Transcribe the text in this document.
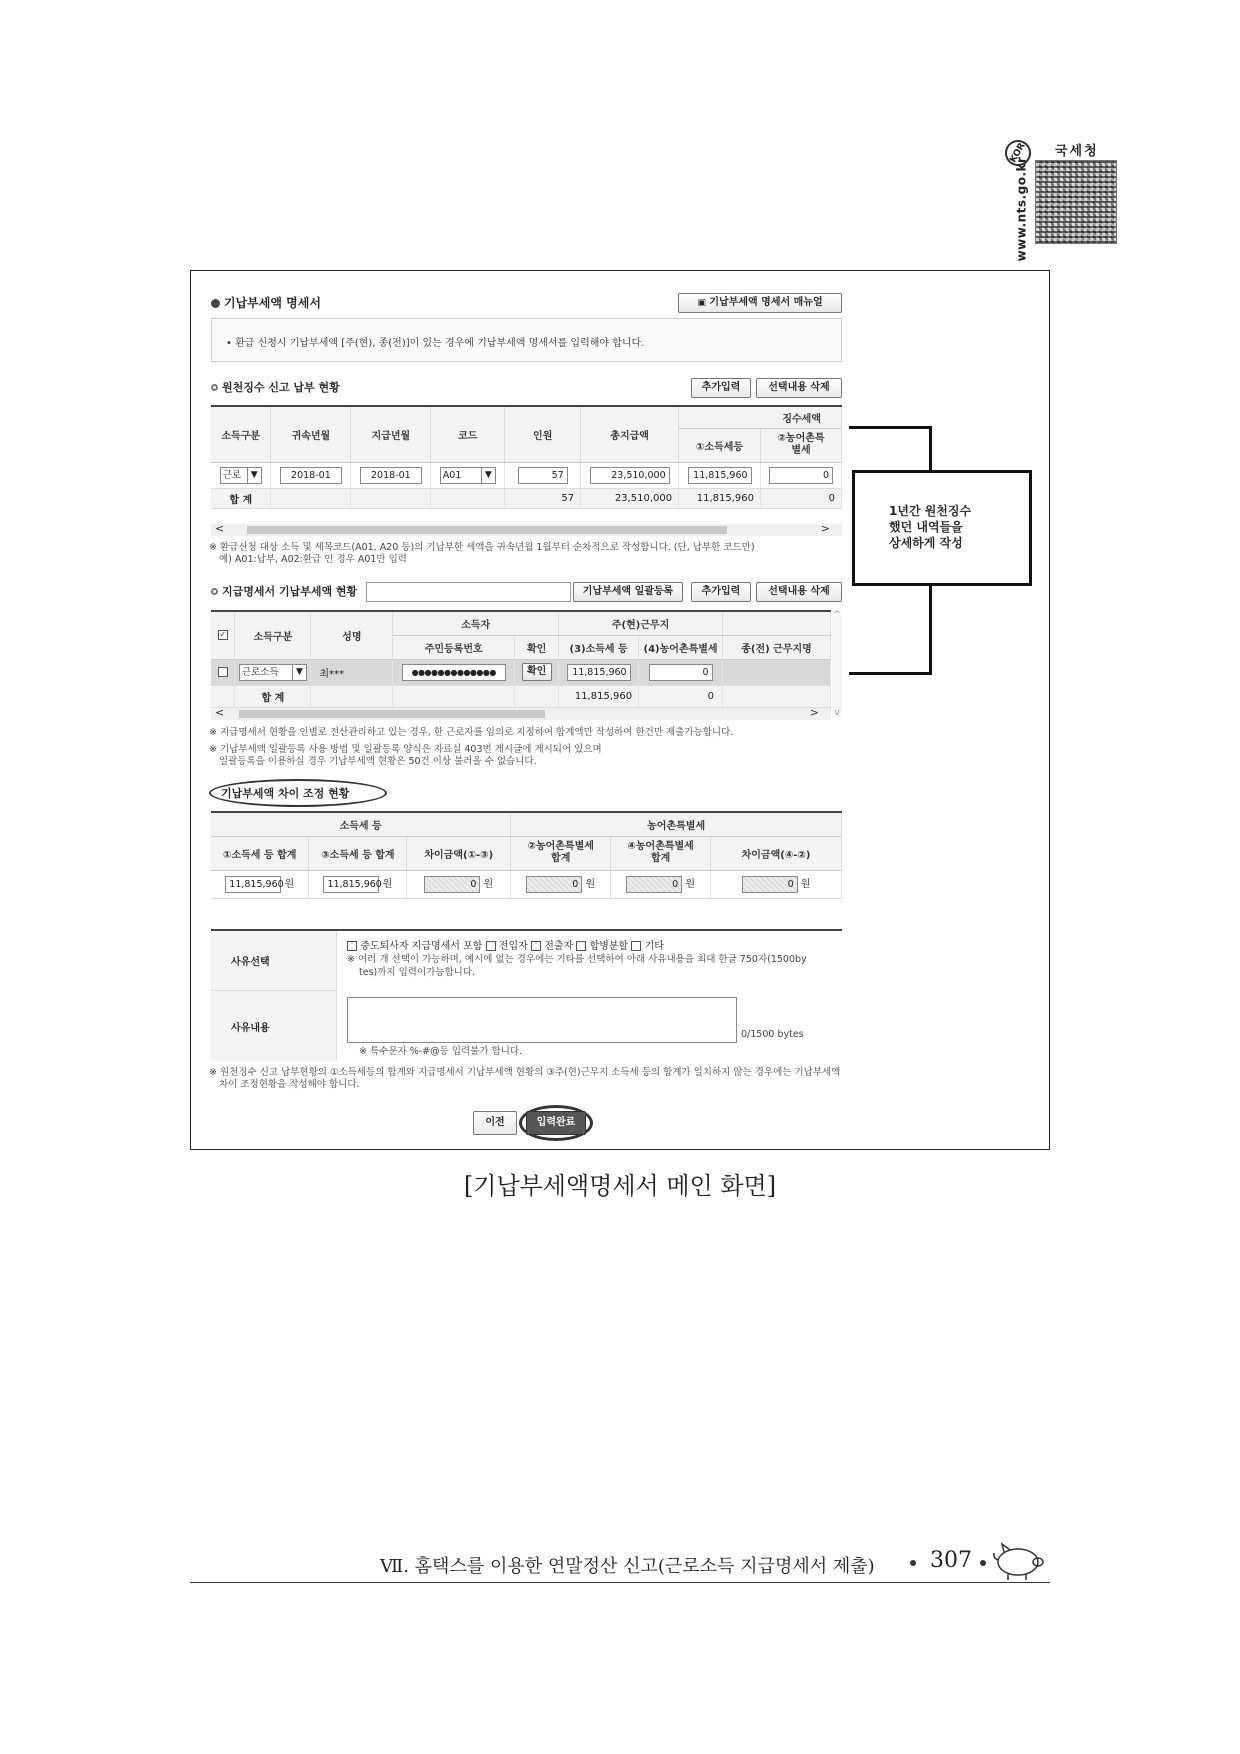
KOR
www.nts.go.kr
국세청
기납부세액 명세서	▣ 기납부세액 명세서 매뉴얼
• 환급 신청시 기납부세액 [주(현), 종(전)]이 있는 경우에 기납부세액 명세서를 입력해야 합니다.
원천징수 신고 납부 현황	추가입력	선택내용 삭제
소득구분	귀속년월	지급년월	코드	인원	총지급액	징수세액	
						①소득세등	②농어촌특별세
근로 ▼	2018-01	2018-01	A01 ▼	57	23,510,000	11,815,960	0
합 계				57	23,510,000	11,815,960	0
<	>
※ 환급신청 대상 소득 및 세목코드(A01, A20 등)의 기납부한 세액을 귀속년월 1월부터 순차적으로 작성합니다. (단, 납부한 코드만)
예) A01:납부, A02:환급 인 경우 A01만 입력
지급명세서 기납부세액 현황	기납부세액 일괄등록	추가입력	선택내용 삭제
✓	소득구분	성명	소득자		주(현)근무지		
			주민등록번호	확인	(3)소득세 등	(4)농어촌특별세	종(전) 근무지명
	근로소득 ▼	최***	●●●●●●●●●●●●●	확인	11,815,960	0	
	합 계				11,815,960	0	
^
v
<	>
※ 지급명세서 현황을 인별로 전산관리하고 있는 경우, 한 근로자를 임의로 지정하여 합계액만 작성하여 한건만 제출가능합니다.
※ 기납부세액 일괄등록 사용 방법 및 일괄등록 양식은 자료실 403번 게시글에 게시되어 있으며
일괄등록을 이용하실 경우 기납부세액 현황은 50건 이상 불러올 수 없습니다.
기납부세액 차이 조정 현황
소득세 등			농어촌특별세		
①소득세 등 합계	③소득세 등 합계	차이금액(①-③)	②농어촌특별세 합계	④농어촌특별세 합계	차이금액(④-②)
11,815,960 원	11,815,960 원	0 원	0 원	0 원	0 원
사유선택
중도퇴사자 지급명세서 포함 전입자 전출자 합병분할 기타
※ 여러 개 선택이 가능하며, 예시에 없는 경우에는 기타를 선택하여 아래 사유내용을 최대 한글 750자(1500by
tes)까지 입력이가능합니다.
사유내용
0/1500 bytes
※ 특수문자 %-#@등 입력불가 합니다.
※ 원천징수 신고 납부현황의 ①소득세등의 합계와 지급명세서 기납부세액 현황의 ③주(현)근무지 소득세 등의 합계가 일치하지 않는 경우에는 기납부세액
차이 조정현황을 작성해야 합니다.
이전	입력완료
1년간 원천징수
했던 내역들을
상세하게 작성
[기납부세액명세서 메인 화면]
Ⅶ. 홈택스를 이용한 연말정산 신고(근로소득 지급명세서 제출)	307
